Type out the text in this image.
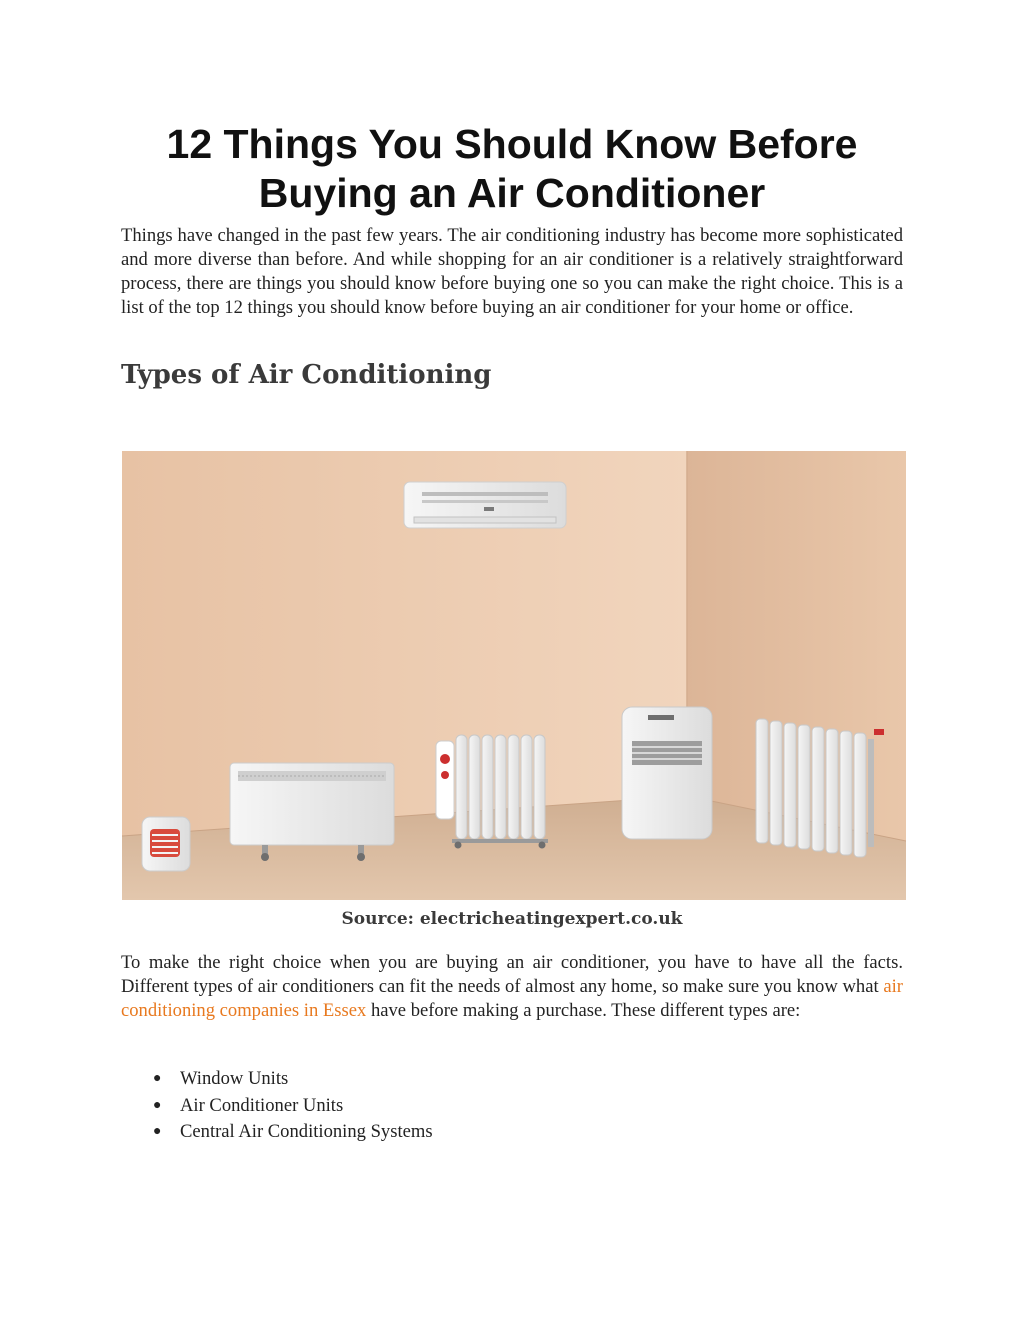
12 Things You Should Know Before Buying an Air Conditioner

Things have changed in the past few years. The air conditioning industry has become more sophisticated and more diverse than before. And while shopping for an air conditioner is a relatively straightforward process, there are things you should know before buying one so you can make the right choice. This is a list of the top 12 things you should know before buying an air conditioner for your home or office.

Types of Air Conditioning
Source: electricheatingexpert.co.uk

To make the right choice when you are buying an air conditioner, you have to have all the facts. Different types of air conditioners can fit the needs of almost any home, so make sure you know what air conditioning companies in Essex have before making a purchase. These different types are:

● Window Units
● Air Conditioner Units
● Central Air Conditioning Systems
